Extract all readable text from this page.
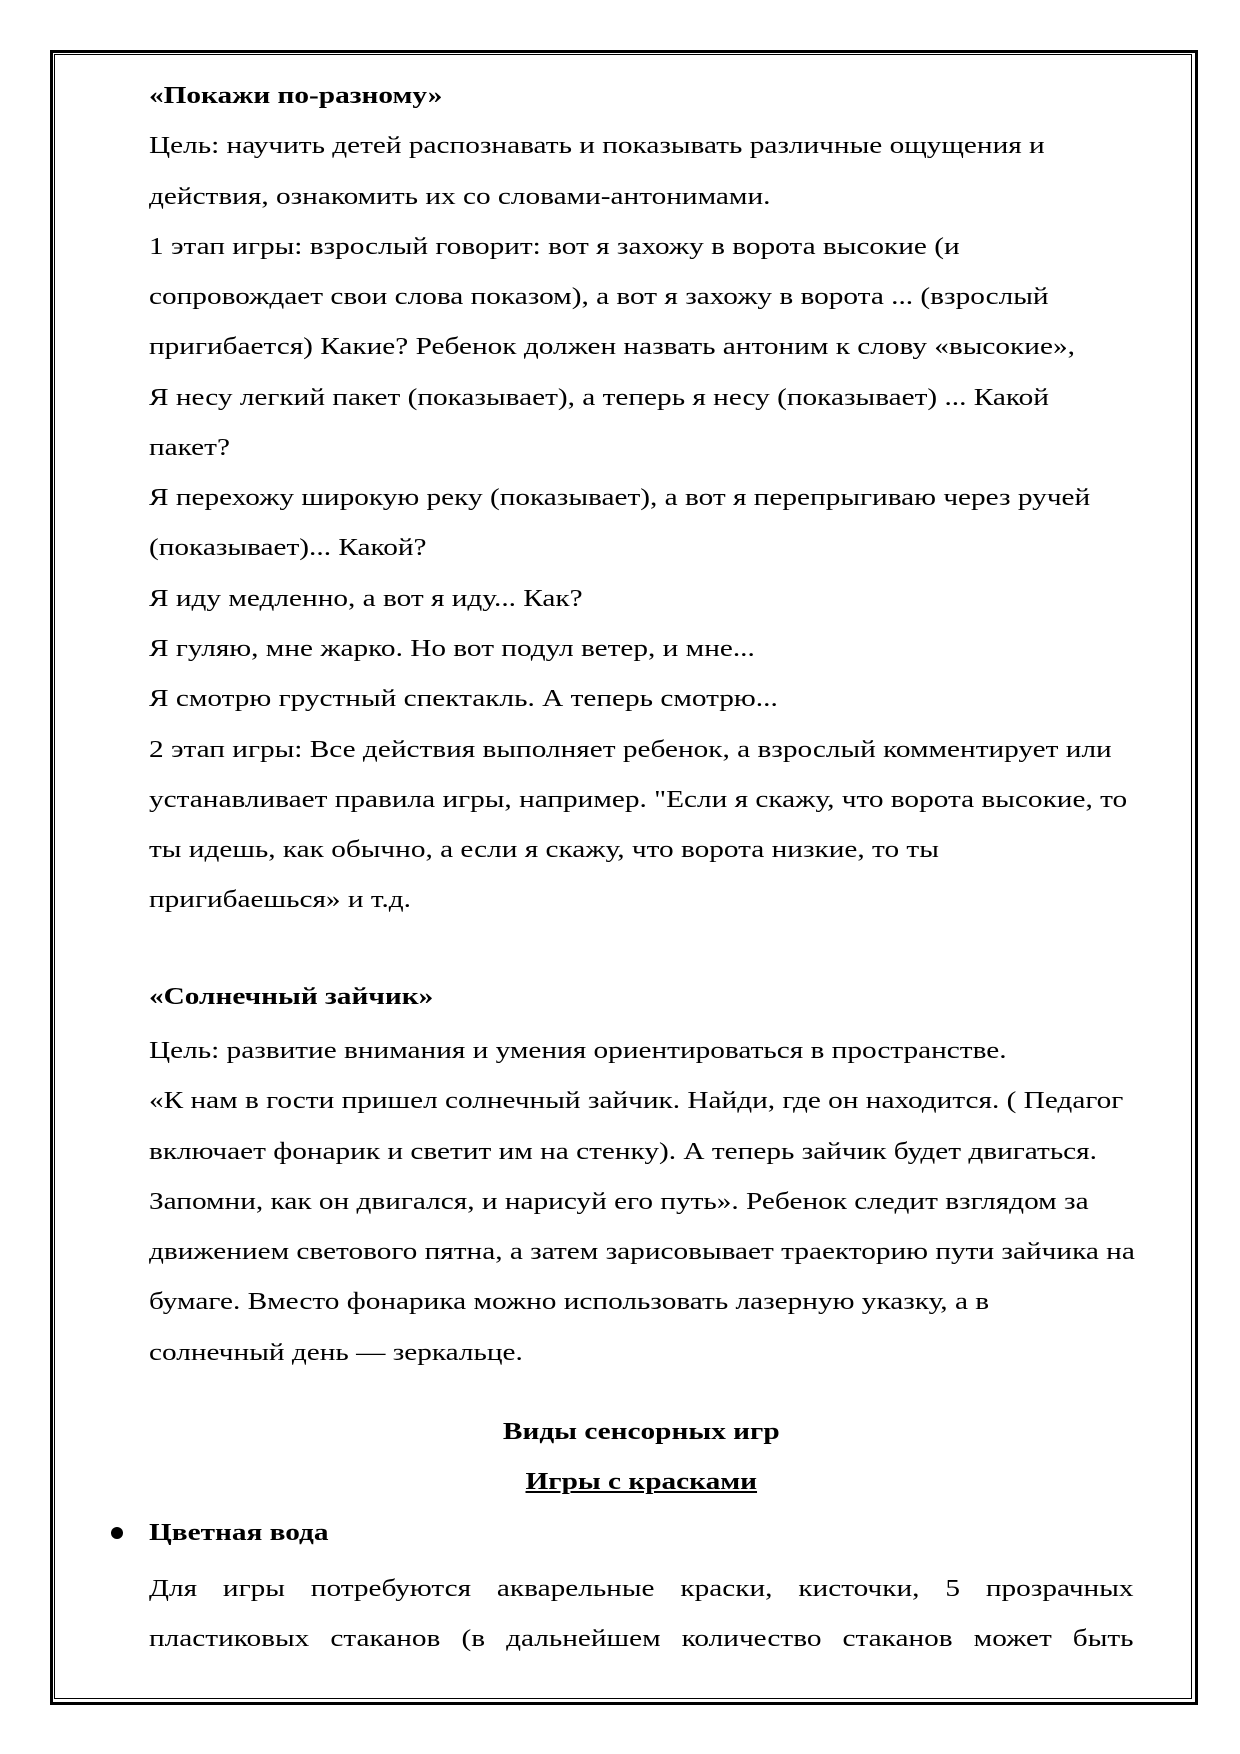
«Покажи по-разному»
Цель: научить детей распознавать и показывать различные ощущения и
действия, ознакомить их со словами-антонимами.
1 этап игры: взрослый говорит: вот я захожу в ворота высокие (и
сопровождает свои слова показом), а вот я захожу в ворота ... (взрослый
пригибается) Какие? Ребенок должен назвать антоним к слову «высокие»,
Я несу легкий пакет (показывает), а теперь я несу (показывает) ... Какой
пакет?
Я перехожу широкую реку (показывает), а вот я перепрыгиваю через ручей
(показывает)... Какой?
Я иду медленно, а вот я иду... Как?
Я гуляю, мне жарко. Но вот подул ветер, и мне...
Я смотрю грустный спектакль. А теперь смотрю...
2 этап игры: Все действия выполняет ребенок, а взрослый комментирует или
устанавливает правила игры, например. "Если я скажу, что ворота высокие, то
ты идешь, как обычно, а если я скажу, что ворота низкие, то ты
пригибаешься» и т.д.
«Солнечный зайчик»
Цель: развитие внимания и умения ориентироваться в пространстве.
«К нам в гости пришел солнечный зайчик. Найди, где он находится. ( Педагог
включает фонарик и светит им на стенку). А теперь зайчик будет двигаться.
Запомни, как он двигался, и нарисуй его путь». Ребенок следит взглядом за
движением светового пятна, а затем зарисовывает траекторию пути зайчика на
бумаге. Вместо фонарика можно использовать лазерную указку, а в
солнечный день — зеркальце.
Виды сенсорных игр
Игры с красками
Цветная вода
Для игры потребуются акварельные краски, кисточки, 5 прозрачных
пластиковых стаканов (в дальнейшем количество стаканов может быть
